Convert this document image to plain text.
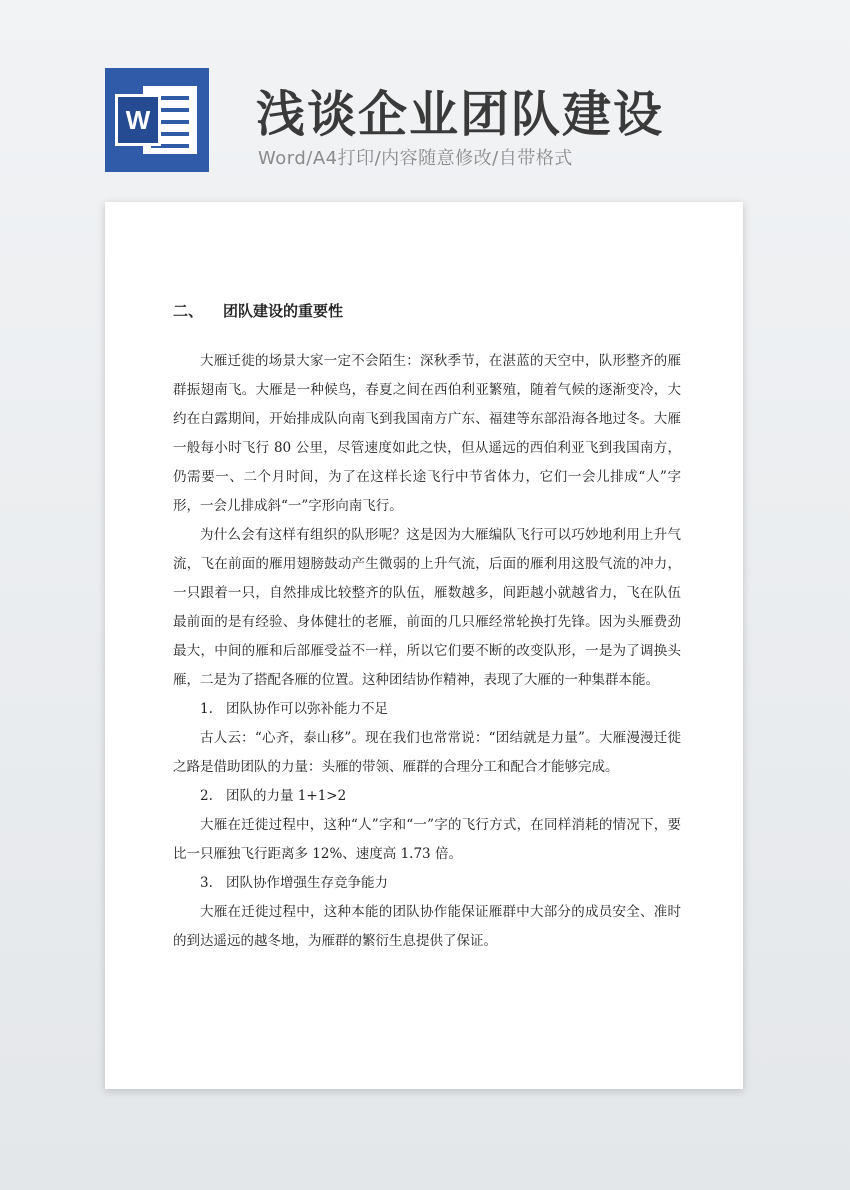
W 浅谈企业团队建设
Word/A4打印/内容随意修改/自带格式
二、	团队建设的重要性

大雁迁徙的场景大家一定不会陌生：深秋季节，在湛蓝的天空中，队形整齐的雁群振翅南飞。大雁是一种候鸟，春夏之间在西伯利亚繁殖，随着气候的逐渐变冷，大约在白露期间，开始排成队向南飞到我国南方广东、福建等东部沿海各地过冬。大雁一般每小时飞行 80 公里，尽管速度如此之快，但从遥远的西伯利亚飞到我国南方，仍需要一、二个月时间，为了在这样长途飞行中节省体力，它们一会儿排成“人”字形，一会儿排成斜“一”字形向南飞行。

为什么会有这样有组织的队形呢？这是因为大雁编队飞行可以巧妙地利用上升气流，飞在前面的雁用翅膀鼓动产生微弱的上升气流，后面的雁利用这股气流的冲力，一只跟着一只，自然排成比较整齐的队伍，雁数越多，间距越小就越省力，飞在队伍最前面的是有经验、身体健壮的老雁，前面的几只雁经常轮换打先锋。因为头雁费劲最大，中间的雁和后部雁受益不一样，所以它们要不断的改变队形，一是为了调换头雁，二是为了搭配各雁的位置。这种团结协作精神，表现了大雁的一种集群本能。

1. 团队协作可以弥补能力不足

古人云：“心齐，泰山移”。现在我们也常常说：“团结就是力量”。大雁漫漫迁徙之路是借助团队的力量：头雁的带领、雁群的合理分工和配合才能够完成。

2. 团队的力量 1+1>2

大雁在迁徙过程中，这种“人”字和“一”字的飞行方式，在同样消耗的情况下，要比一只雁独飞行距离多 12%、速度高 1.73 倍。

3. 团队协作增强生存竞争能力

大雁在迁徙过程中，这种本能的团队协作能保证雁群中大部分的成员安全、准时的到达遥远的越冬地，为雁群的繁衍生息提供了保证。
